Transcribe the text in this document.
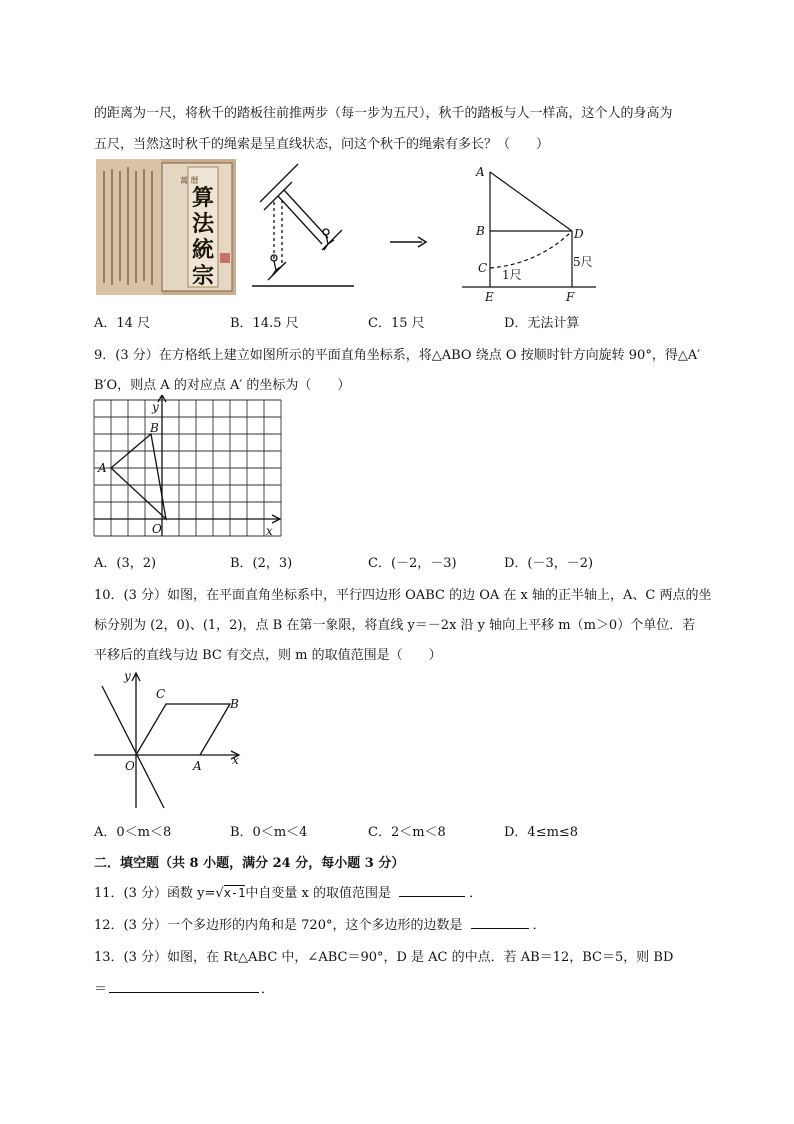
的距离为一尺，将秋千的踏板往前推两步（每一步为五尺），秋千的踏板与人一样高，这个人的身高为
五尺，当然这时秋千的绳索是呈直线状态，问这个秋千的绳索有多长？（　　）
萬 曆
算
法
統
宗
A
B
C
D
E	F
1尺
5尺
A．14 尺	B．14.5 尺	C．15 尺	D．无法计算
9．(3 分）在方格纸上建立如图所示的平面直角坐标系，将△ABO 绕点 O 按顺时针方向旋转 90°，得△A′
B′O，则点 A 的对应点 A′ 的坐标为（　　）
y
B
A
O	x
A．(3，2)	B．(2，3)	C．(－2，－3)	D．(－3，－2)
10．(3 分）如图，在平面直角坐标系中，平行四边形 OABC 的边 OA 在 x 轴的正半轴上，A、C 两点的坐
标分别为 (2，0)、(1，2)，点 B 在第一象限，将直线 y＝－2x 沿 y 轴向上平移 m（m＞0）个单位．若
平移后的直线与边 BC 有交点，则 m 的取值范围是（　　）
y
C
B
O	A	x
A．0＜m＜8	B．0＜m＜4	C．2＜m＜8	D．4≤m≤8
二．填空题（共 8 小题，满分 24 分，每小题 3 分）
11．(3 分）函数 y=√x-1中自变量 x 的取值范围是	．
12．(3 分）一个多边形的内角和是 720°，这个多边形的边数是	．
13．(3 分）如图，在 Rt△ABC 中，∠ABC＝90°，D 是 AC 的中点．若 AB＝12，BC＝5，则 BD
＝	．
